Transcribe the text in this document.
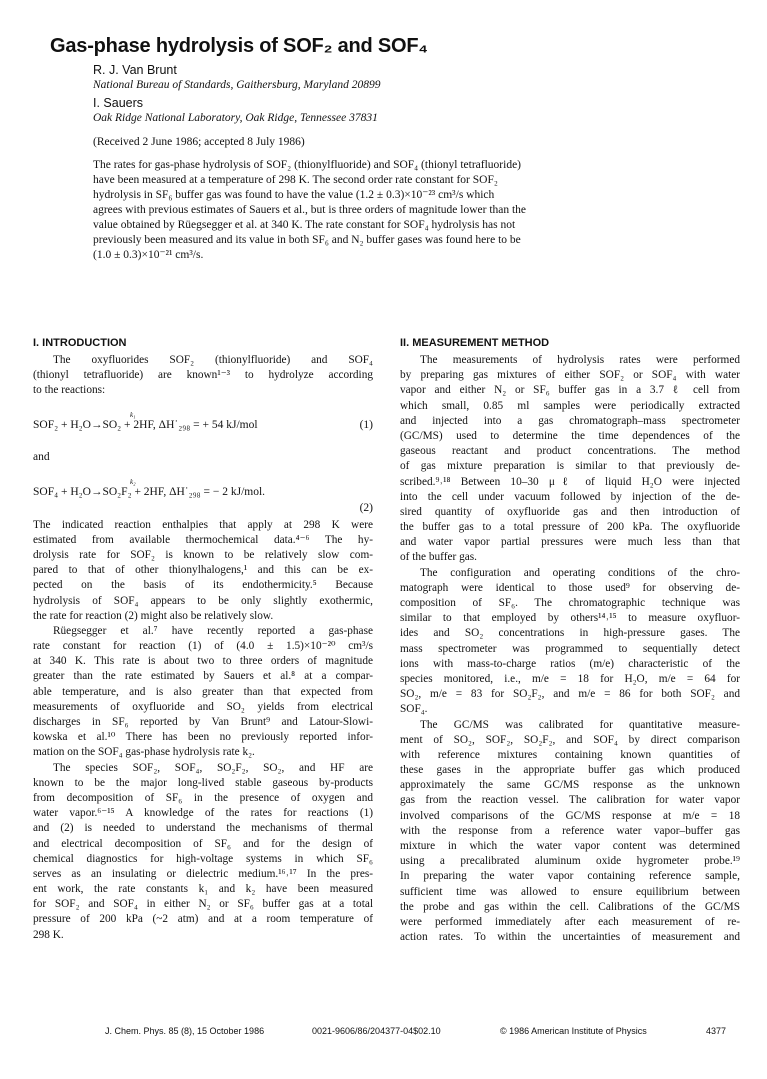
Gas-phase hydrolysis of SOF₂ and SOF₄
R. J. Van Brunt
National Bureau of Standards, Gaithersburg, Maryland 20899
I. Sauers
Oak Ridge National Laboratory, Oak Ridge, Tennessee 37831
(Received 2 June 1986; accepted 8 July 1986)
The rates for gas-phase hydrolysis of SOF₂ (thionylfluoride) and SOF₄ (thionyl tetrafluoride)
have been measured at a temperature of 298 K. The second order rate constant for SOF₂
hydrolysis in SF₆ buffer gas was found to have the value (1.2 ± 0.3)×10⁻²³ cm³/s which
agrees with previous estimates of Sauers et al., but is three orders of magnitude lower than the
value obtained by Rüegsegger et al. at 340 K. The rate constant for SOF₄ hydrolysis has not
previously been measured and its value in both SF₆ and N₂ buffer gases was found here to be
(1.0 ± 0.3)×10⁻²¹ cm³/s.
I. INTRODUCTION
The oxyfluorides SOF₂ (thionylfluoride) and SOF₄
(thionyl tetrafluoride) are known¹⁻³ to hydrolyze according
to the reactions:
k₁
SOF₂ + H₂O→SO₂ + 2HF, ΔH˙₂₉₈ = + 54 kJ/mol	(1)
and
k₂
SOF₄ + H₂O→SO₂F₂ + 2HF, ΔH˙₂₉₈ = − 2 kJ/mol.
(2)
The indicated reaction enthalpies that apply at 298 K were
estimated from available thermochemical data.⁴⁻⁶ The hy-
drolysis rate for SOF₂ is known to be relatively slow com-
pared to that of other thionylhalogens,¹ and this can be ex-
pected on the basis of its endothermicity.⁵ Because
hydrolysis of SOF₄ appears to be only slightly exothermic,
the rate for reaction (2) might also be relatively slow.
Rüegsegger et al.⁷ have recently reported a gas-phase
rate constant for reaction (1) of (4.0 ± 1.5)×10⁻²⁰ cm³/s
at 340 K. This rate is about two to three orders of magnitude
greater than the rate estimated by Sauers et al.⁸ at a compar-
able temperature, and is also greater than that expected from
measurements of oxyfluoride and SO₂ yields from electrical
discharges in SF₆ reported by Van Brunt⁹ and Latour-Slowi-
kowska et al.¹⁰ There has been no previously reported infor-
mation on the SOF₄ gas-phase hydrolysis rate k₂.
The species SOF₂, SOF₄, SO₂F₂, SO₂, and HF are
known to be the major long-lived stable gaseous by-products
from decomposition of SF₆ in the presence of oxygen and
water vapor.⁶⁻¹⁵ A knowledge of the rates for reactions (1)
and (2) is needed to understand the mechanisms of thermal
and electrical decomposition of SF₆ and for the design of
chemical diagnostics for high-voltage systems in which SF₆
serves as an insulating or dielectric medium.¹⁶˒¹⁷ In the pres-
ent work, the rate constants k₁ and k₂ have been measured
for SOF₂ and SOF₄ in either N₂ or SF₆ buffer gas at a total
pressure of 200 kPa (~2 atm) and at a room temperature of
298 K.
II. MEASUREMENT METHOD
The measurements of hydrolysis rates were performed
by preparing gas mixtures of either SOF₂ or SOF₄ with water
vapor and either N₂ or SF₆ buffer gas in a 3.7 ℓ cell from
which small, 0.85 ml samples were periodically extracted
and injected into a gas chromatograph–mass spectrometer
(GC/MS) used to determine the time dependences of the
gaseous reactant and product concentrations. The method
of gas mixture preparation is similar to that previously de-
scribed.⁹˒¹⁸ Between 10–30 μℓ of liquid H₂O were injected
into the cell under vacuum followed by injection of the de-
sired quantity of oxyfluoride gas and then introduction of
the buffer gas to a total pressure of 200 kPa. The oxyfluoride
and water vapor partial pressures were much less than that
of the buffer gas.
The configuration and operating conditions of the chro-
matograph were identical to those used⁹ for observing de-
composition of SF₆. The chromatographic technique was
similar to that employed by others¹⁴˒¹⁵ to measure oxyfluor-
ides and SO₂ concentrations in high-pressure gases. The
mass spectrometer was programmed to sequentially detect
ions with mass-to-charge ratios (m/e) characteristic of the
species monitored, i.e., m/e = 18 for H₂O, m/e = 64 for
SO₂, m/e = 83 for SO₂F₂, and m/e = 86 for both SOF₂ and
SOF₄.
The GC/MS was calibrated for quantitative measure-
ment of SO₂, SOF₂, SO₂F₂, and SOF₄ by direct comparison
with reference mixtures containing known quantities of
these gases in the appropriate buffer gas which produced
approximately the same GC/MS response as the unknown
gas from the reaction vessel. The calibration for water vapor
involved comparisons of the GC/MS response at m/e = 18
with the response from a reference water vapor–buffer gas
mixture in which the water vapor content was determined
using a precalibrated aluminum oxide hygrometer probe.¹⁹
In preparing the water vapor containing reference sample,
sufficient time was allowed to ensure equilibrium between
the probe and gas within the cell. Calibrations of the GC/MS
were performed immediately after each measurement of re-
action rates. To within the uncertainties of measurement and
J. Chem. Phys. 85 (8), 15 October 1986	0021-9606/86/204377-04$02.10	© 1986 American Institute of Physics	4377
